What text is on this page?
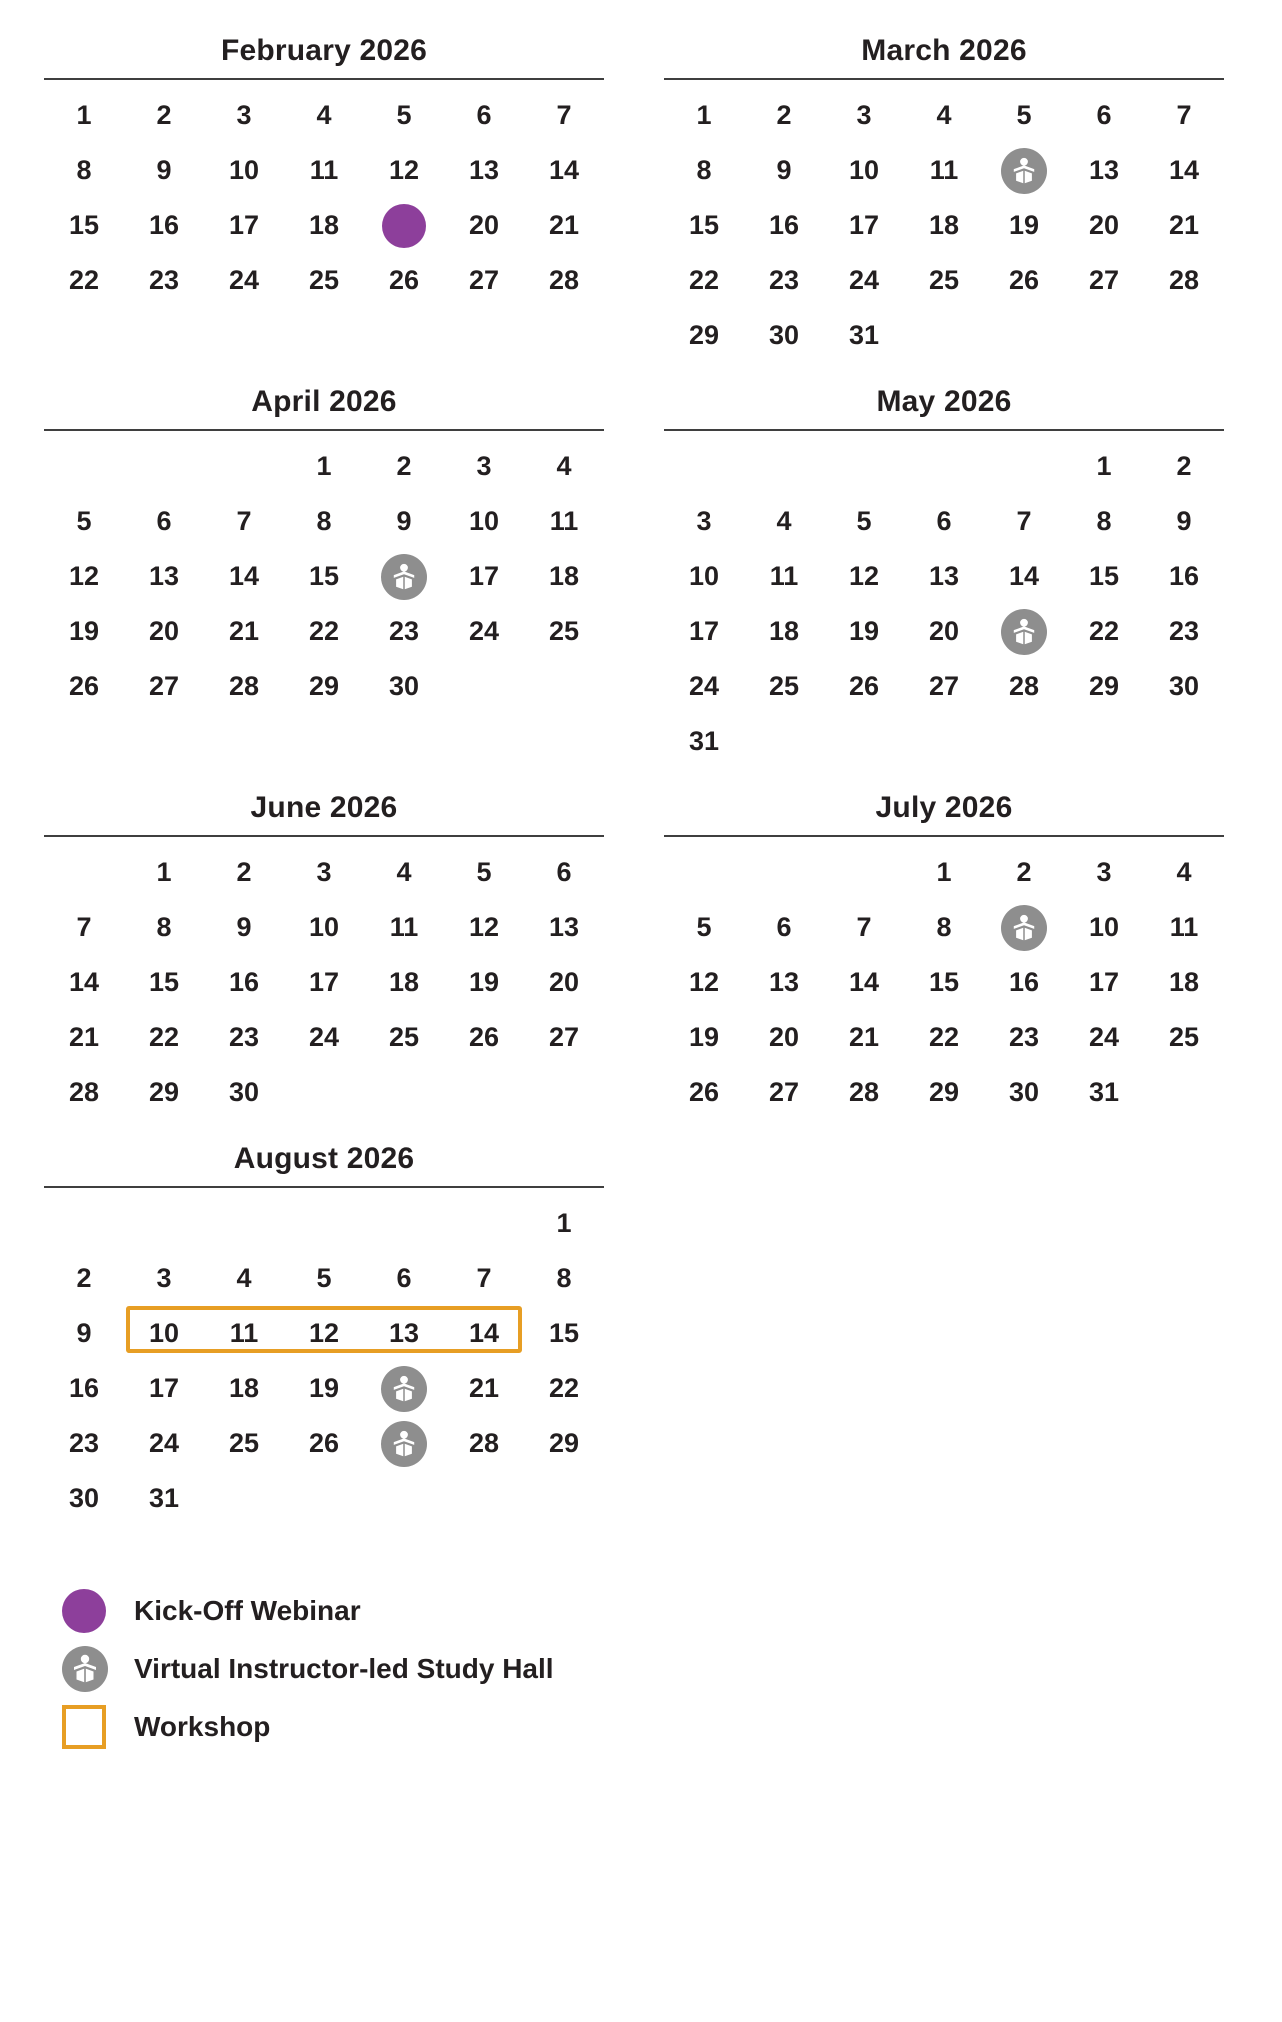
February 2026
1	2	3	4	5	6	7
8	9	10	11	12	13	14
15	16	17	18		20	21
22	23	24	25	26	27	28
March 2026
1	2	3	4	5	6	7
8	9	10	11		13	14
15	16	17	18	19	20	21
22	23	24	25	26	27	28
29	30	31				
April 2026
			1	2	3	4
5	6	7	8	9	10	11
12	13	14	15		17	18
19	20	21	22	23	24	25
26	27	28	29	30		
May 2026
					1	2
3	4	5	6	7	8	9
10	11	12	13	14	15	16
17	18	19	20		22	23
24	25	26	27	28	29	30
31						
June 2026
	1	2	3	4	5	6
7	8	9	10	11	12	13
14	15	16	17	18	19	20
21	22	23	24	25	26	27
28	29	30				
July 2026
			1	2	3	4
5	6	7	8		10	11
12	13	14	15	16	17	18
19	20	21	22	23	24	25
26	27	28	29	30	31	
August 2026
						1
2	3	4	5	6	7	8
9	10	11	12	13	14	15
16	17	18	19		21	22
23	24	25	26		28	29
30	31					
Kick-Off Webinar
Virtual Instructor-led Study Hall
Workshop
